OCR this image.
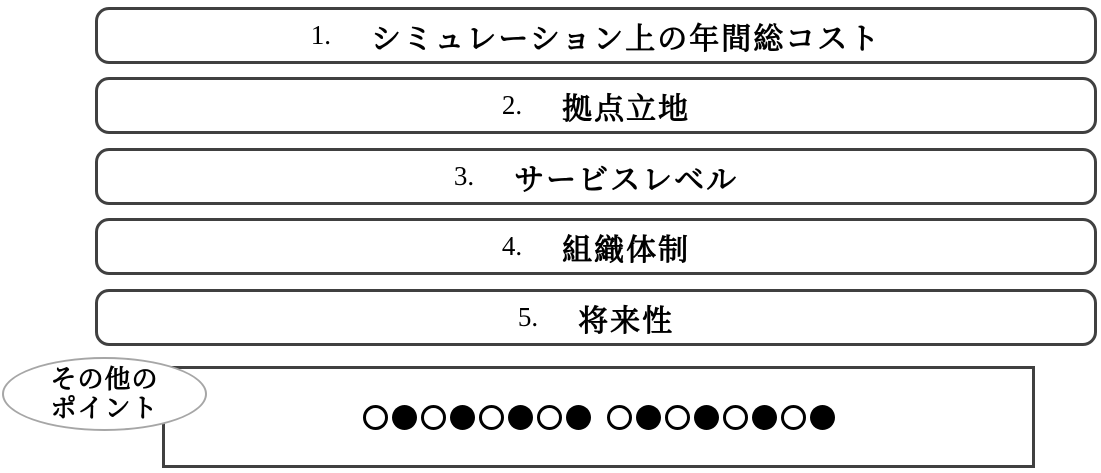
1. シミュレーション上の年間総コスト
2. 拠点立地
3. サービスレベル
4. 組織体制
5. 将来性
その他の
ポイント
